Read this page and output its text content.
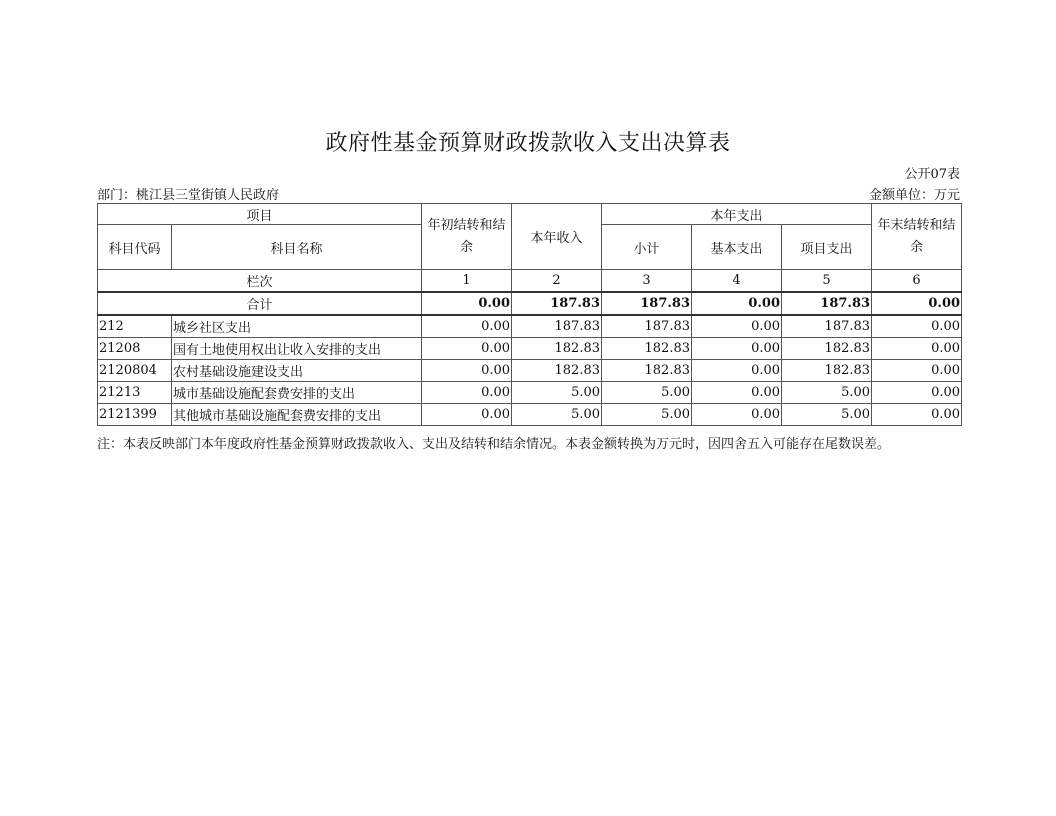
政府性基金预算财政拨款收入支出决算表
公开07表
部门：桃江县三堂街镇人民政府	金额单位：万元
项目		年初结转和结余	本年收入	本年支出			年末结转和结余
科目代码	科目名称			小计	基本支出	项目支出	
栏次		1	2	3	4	5	6
合计		0.00	187.83	187.83	0.00	187.83	0.00
212	城乡社区支出	0.00	187.83	187.83	0.00	187.83	0.00
21208	国有土地使用权出让收入安排的支出	0.00	182.83	182.83	0.00	182.83	0.00
2120804	农村基础设施建设支出	0.00	182.83	182.83	0.00	182.83	0.00
21213	城市基础设施配套费安排的支出	0.00	5.00	5.00	0.00	5.00	0.00
2121399	其他城市基础设施配套费安排的支出	0.00	5.00	5.00	0.00	5.00	0.00
注：本表反映部门本年度政府性基金预算财政拨款收入、支出及结转和结余情况。本表金额转换为万元时，因四舍五入可能存在尾数误差。
